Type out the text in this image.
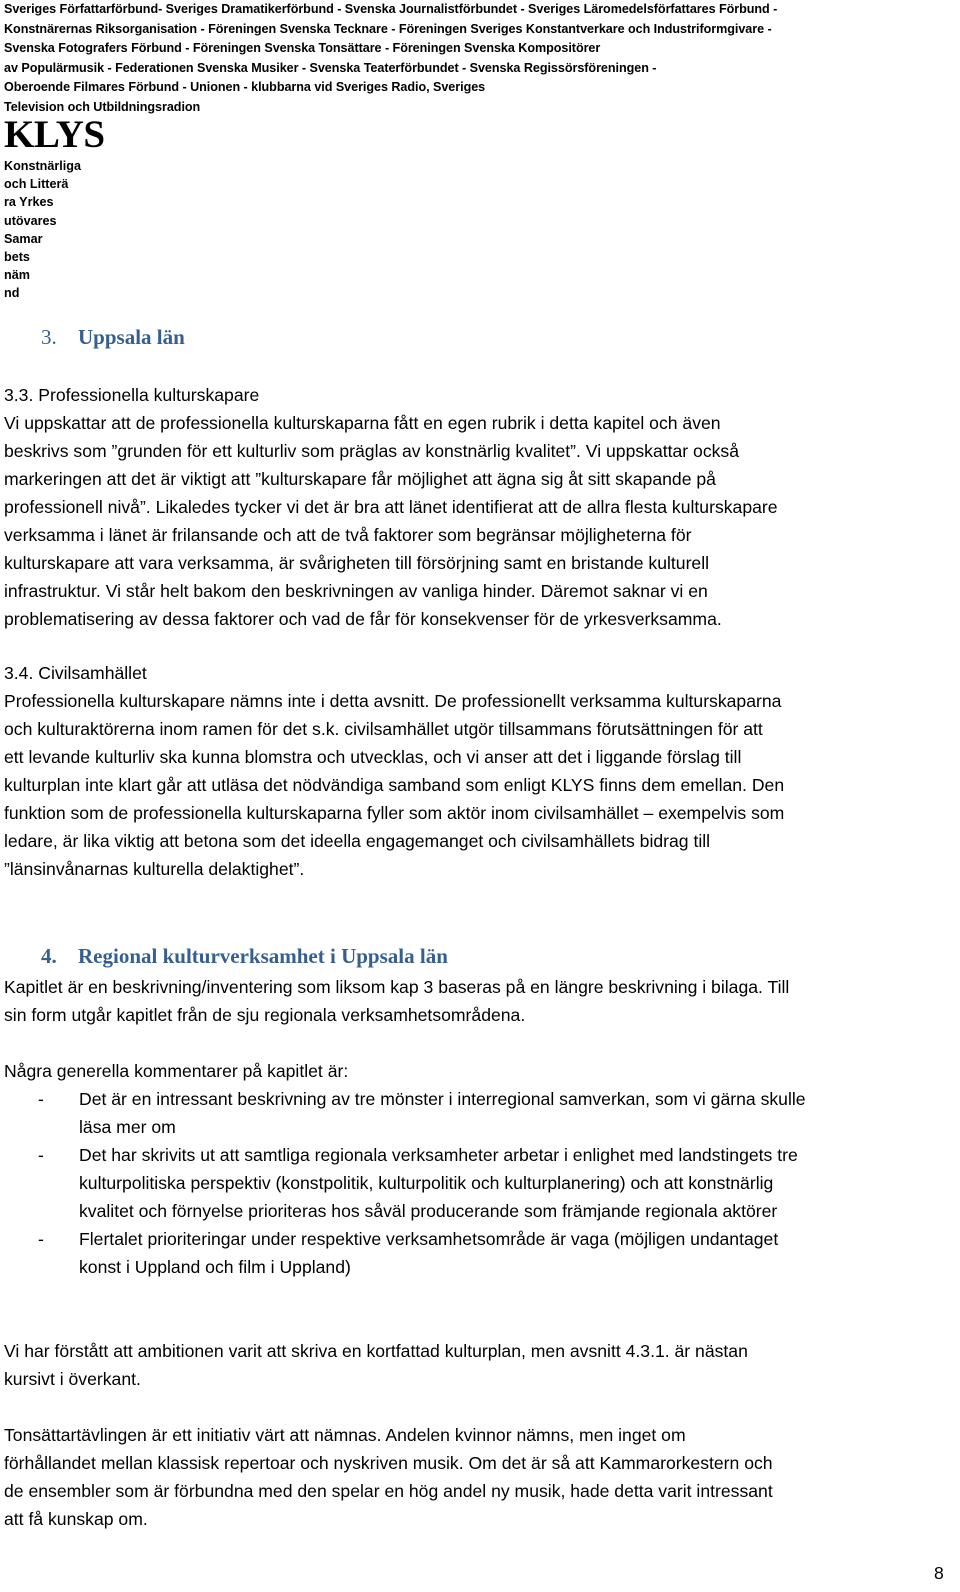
Sveriges Författarförbund- Sveriges Dramatikerförbund - Svenska Journalistförbundet - Sveriges Läromedelsförfattares Förbund -
Konstnärernas Riksorganisation - Föreningen Svenska Tecknare - Föreningen Sveriges Konstantverkare och Industriformgivare -
Svenska Fotografers Förbund - Föreningen Svenska Tonsättare - Föreningen Svenska Kompositörer
av Populärmusik - Federationen Svenska Musiker - Svenska Teaterförbundet - Svenska Regissörsföreningen -
Oberoende Filmares Förbund - Unionen - klubbarna vid Sveriges Radio, Sveriges
Television och Utbildningsradion
KLYS
Konstnärliga
och Litterä
ra Yrkes
utövares
Samar
bets
näm
nd
3. Uppsala län
3.3. Professionella kulturskapare
Vi uppskattar att de professionella kulturskaparna fått en egen rubrik i detta kapitel och även
beskrivs som ”grunden för ett kulturliv som präglas av konstnärlig kvalitet”. Vi uppskattar också
markeringen att det är viktigt att ”kulturskapare får möjlighet att ägna sig åt sitt skapande på
professionell nivå”. Likaledes tycker vi det är bra att länet identifierat att de allra flesta kulturskapare
verksamma i länet är frilansande och att de två faktorer som begränsar möjligheterna för
kulturskapare att vara verksamma, är svårigheten till försörjning samt en bristande kulturell
infrastruktur. Vi står helt bakom den beskrivningen av vanliga hinder. Däremot saknar vi en
problematisering av dessa faktorer och vad de får för konsekvenser för de yrkesverksamma.
3.4. Civilsamhället
Professionella kulturskapare nämns inte i detta avsnitt. De professionellt verksamma kulturskaparna
och kulturaktörerna inom ramen för det s.k. civilsamhället utgör tillsammans förutsättningen för att
ett levande kulturliv ska kunna blomstra och utvecklas, och vi anser att det i liggande förslag till
kulturplan inte klart går att utläsa det nödvändiga samband som enligt KLYS finns dem emellan. Den
funktion som de professionella kulturskaparna fyller som aktör inom civilsamhället – exempelvis som
ledare, är lika viktig att betona som det ideella engagemanget och civilsamhällets bidrag till
”länsinvånarnas kulturella delaktighet”.
4. Regional kulturverksamhet i Uppsala län
Kapitlet är en beskrivning/inventering som liksom kap 3 baseras på en längre beskrivning i bilaga. Till
sin form utgår kapitlet från de sju regionala verksamhetsområdena.
Några generella kommentarer på kapitlet är:
-	Det är en intressant beskrivning av tre mönster i interregional samverkan, som vi gärna skulle
läsa mer om
-	Det har skrivits ut att samtliga regionala verksamheter arbetar i enlighet med landstingets tre
kulturpolitiska perspektiv (konstpolitik, kulturpolitik och kulturplanering) och att konstnärlig
kvalitet och förnyelse prioriteras hos såväl producerande som främjande regionala aktörer
-	Flertalet prioriteringar under respektive verksamhetsområde är vaga (möjligen undantaget
konst i Uppland och film i Uppland)
Vi har förstått att ambitionen varit att skriva en kortfattad kulturplan, men avsnitt 4.3.1. är nästan
kursivt i överkant.
Tonsättartävlingen är ett initiativ värt att nämnas. Andelen kvinnor nämns, men inget om
förhållandet mellan klassisk repertoar och nyskriven musik. Om det är så att Kammarorkestern och
de ensembler som är förbundna med den spelar en hög andel ny musik, hade detta varit intressant
att få kunskap om.
8
